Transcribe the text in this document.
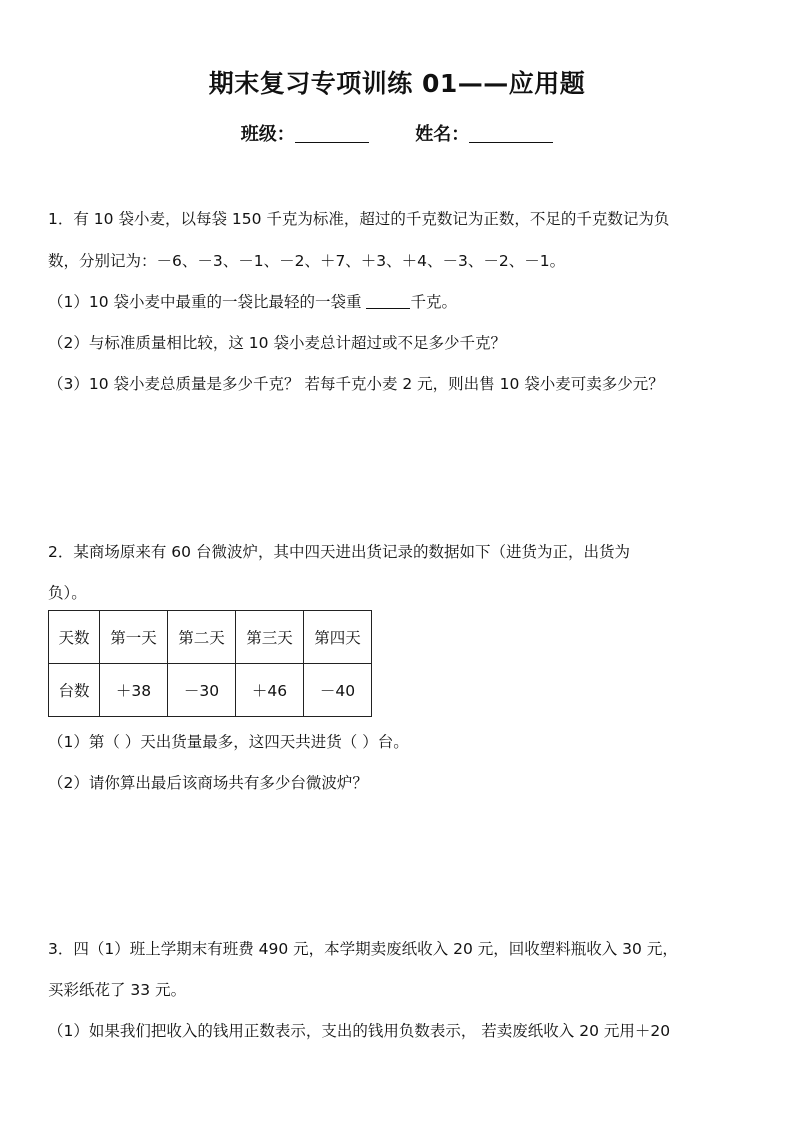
期末复习专项训练 01——应用题
班级：	姓名：
1．有 10 袋小麦，以每袋 150 千克为标准，超过的千克数记为正数，不足的千克数记为负
数，分别记为：－6、－3、－1、－2、＋7、＋3、＋4、－3、－2、－1。
（1）10 袋小麦中最重的一袋比最轻的一袋重	千克。
（2）与标准质量相比较，这 10 袋小麦总计超过或不足多少千克？
（3）10 袋小麦总质量是多少千克？ 若每千克小麦 2 元，则出售 10 袋小麦可卖多少元？
2．某商场原来有 60 台微波炉，其中四天进出货记录的数据如下（进货为正，出货为
负）。
天数	第一天	第二天	第三天	第四天
台数	＋38	－30	＋46	－40
（1）第（ ）天出货量最多，这四天共进货（ ）台。
（2）请你算出最后该商场共有多少台微波炉？
3．四（1）班上学期末有班费 490 元，本学期卖废纸收入 20 元，回收塑料瓶收入 30 元，
买彩纸花了 33 元。
（1）如果我们把收入的钱用正数表示，支出的钱用负数表示， 若卖废纸收入 20 元用＋20
